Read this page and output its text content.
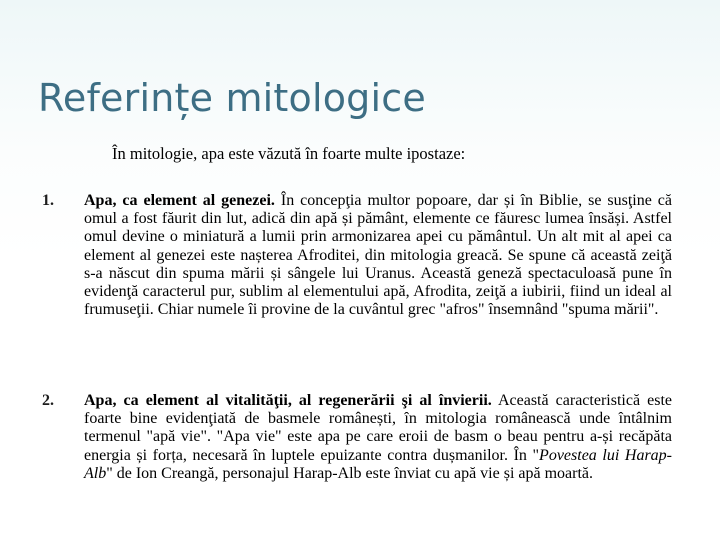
Referințe mitologice
În mitologie, apa este văzută în foarte multe ipostaze:
1. Apa, ca element al genezei. În concepţia multor popoare, dar și în Biblie, se susţine că omul a fost făurit din lut, adică din apă și pământ, elemente ce făuresc lumea însăși. Astfel omul devine o miniatură a lumii prin armonizarea apei cu pământul. Un alt mit al apei ca element al genezei este nașterea Afroditei, din mitologia greacă. Se spune că această zeiţă s-a născut din spuma mării și sângele lui Uranus. Această geneză spectaculoasă pune în evidenţă caracterul pur, sublim al elementului apă, Afrodita, zeiţă a iubirii, fiind un ideal al frumuseţii. Chiar numele îi provine de la cuvântul grec "afros" însemnând "spuma mării".
2. Apa, ca element al vitalităţii, al regenerării şi al învierii. Această caracteristică este foarte bine evidenţiată de basmele românești, în mitologia românească unde întâlnim termenul "apă vie". "Apa vie" este apa pe care eroii de basm o beau pentru a-și recăpăta energia și forța, necesară în luptele epuizante contra dușmanilor. În "Povestea lui Harap-Alb" de Ion Creangă, personajul Harap-Alb este înviat cu apă vie și apă moartă.
